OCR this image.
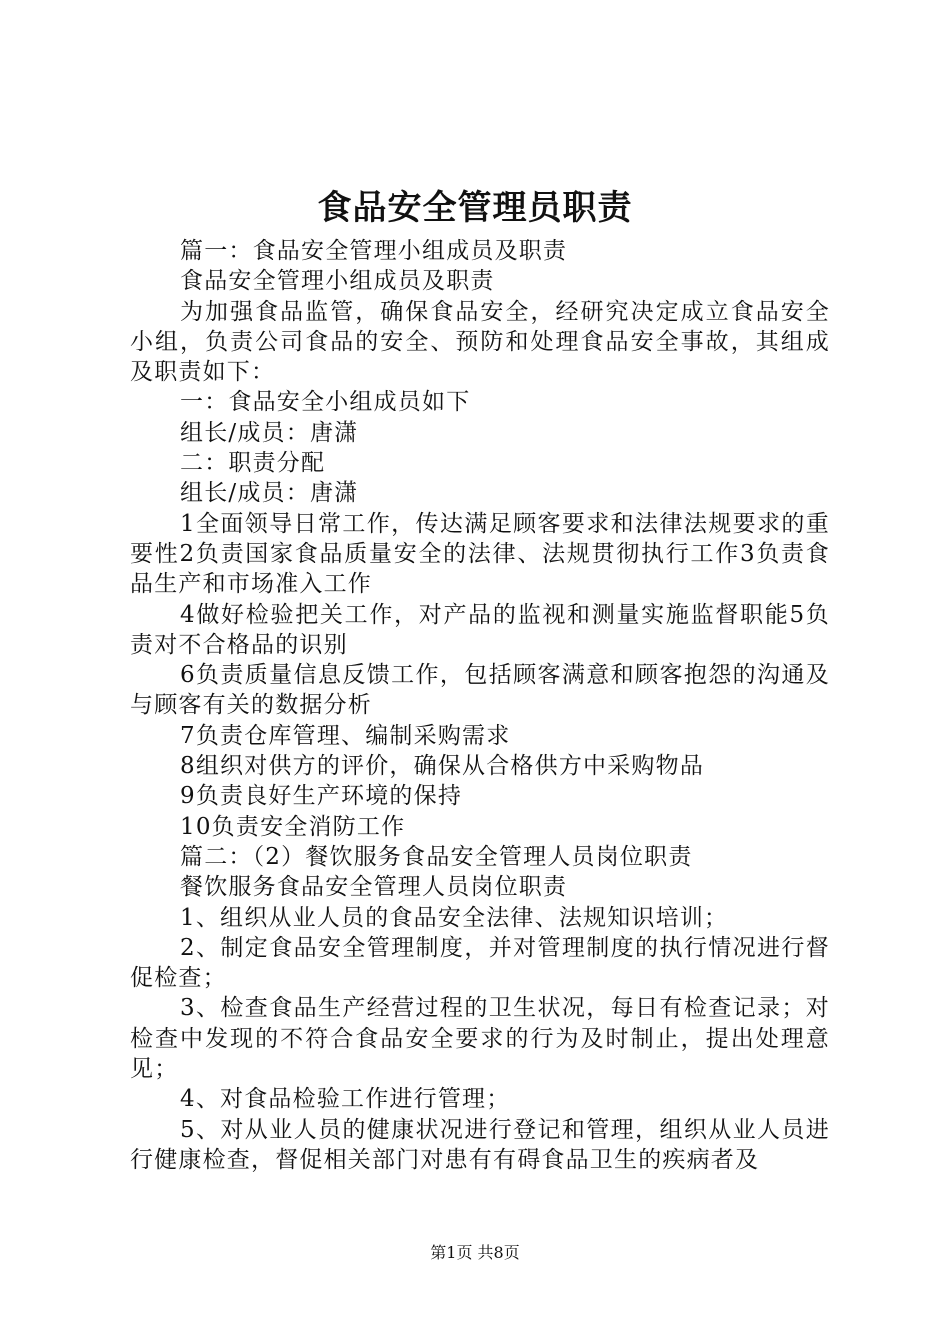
食品安全管理员职责

篇一：食品安全管理小组成员及职责

食品安全管理小组成员及职责

为加强食品监管，确保食品安全，经研究决定成立食品安全小组，负责公司食品的安全、预防和处理食品安全事故，其组成及职责如下：

一：食品安全小组成员如下

组长/成员：唐潇

二：职责分配

组长/成员：唐潇

1全面领导日常工作，传达满足顾客要求和法律法规要求的重要性2负责国家食品质量安全的法律、法规贯彻执行工作3负责食品生产和市场准入工作

4做好检验把关工作，对产品的监视和测量实施监督职能5负责对不合格品的识别

6负责质量信息反馈工作，包括顾客满意和顾客抱怨的沟通及与顾客有关的数据分析

7负责仓库管理、编制采购需求

8组织对供方的评价，确保从合格供方中采购物品

9负责良好生产环境的保持

10负责安全消防工作

篇二：（2）餐饮服务食品安全管理人员岗位职责

餐饮服务食品安全管理人员岗位职责

1、组织从业人员的食品安全法律、法规知识培训；

2、制定食品安全管理制度，并对管理制度的执行情况进行督促检查；

3、检查食品生产经营过程的卫生状况，每日有检查记录；对检查中发现的不符合食品安全要求的行为及时制止，提出处理意见；

4、对食品检验工作进行管理；

5、对从业人员的健康状况进行登记和管理，组织从业人员进行健康检查，督促相关部门对患有有碍食品卫生的疾病者及

第1页 共8页
